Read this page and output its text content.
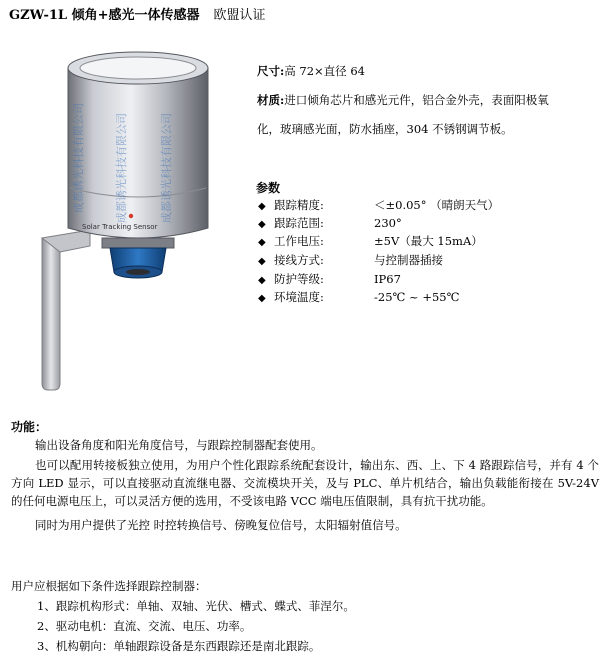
GZW-1L 倾角+感光一体传感器 欧盟认证
成都诱光科技有限公司	成都诱光科技有限公司	成都诱光科技有限公司
Solar Tracking Sensor
尺寸:高 72×直径 64
材质:进口倾角芯片和感光元件，铝合金外壳，表面阳极氧
化，玻璃感光面，防水插座，304 不锈钢调节板。
参数
◆ 跟踪精度:	＜±0.05° （晴朗天气）
◆ 跟踪范围:	230°
◆ 工作电压:	±5V（最大 15mA）
◆ 接线方式:	与控制器插接
◆ 防护等级:	IP67
◆ 环境温度:	-25℃ ~ +55℃
功能：
输出设备角度和阳光角度信号，与跟踪控制器配套使用。
也可以配用转接板独立使用，为用户个性化跟踪系统配套设计，输出东、西、上、下 4 路跟踪信号，并有 4 个方向 LED 显示，可以直接驱动直流继电器、交流模块开关，及与 PLC、单片机结合，输出负载能衔接在 5V-24V 的任何电源电压上，可以灵活方便的选用，不受该电路 VCC 端电压值限制，具有抗干扰功能。
同时为用户提供了光控 时控转换信号、傍晚复位信号，太阳辐射值信号。
用户应根据如下条件选择跟踪控制器：
1、跟踪机构形式：单轴、双轴、光伏、槽式、蝶式、菲涅尔。
2、驱动电机：直流、交流、电压、功率。
3、机构朝向：单轴跟踪设备是东西跟踪还是南北跟踪。
